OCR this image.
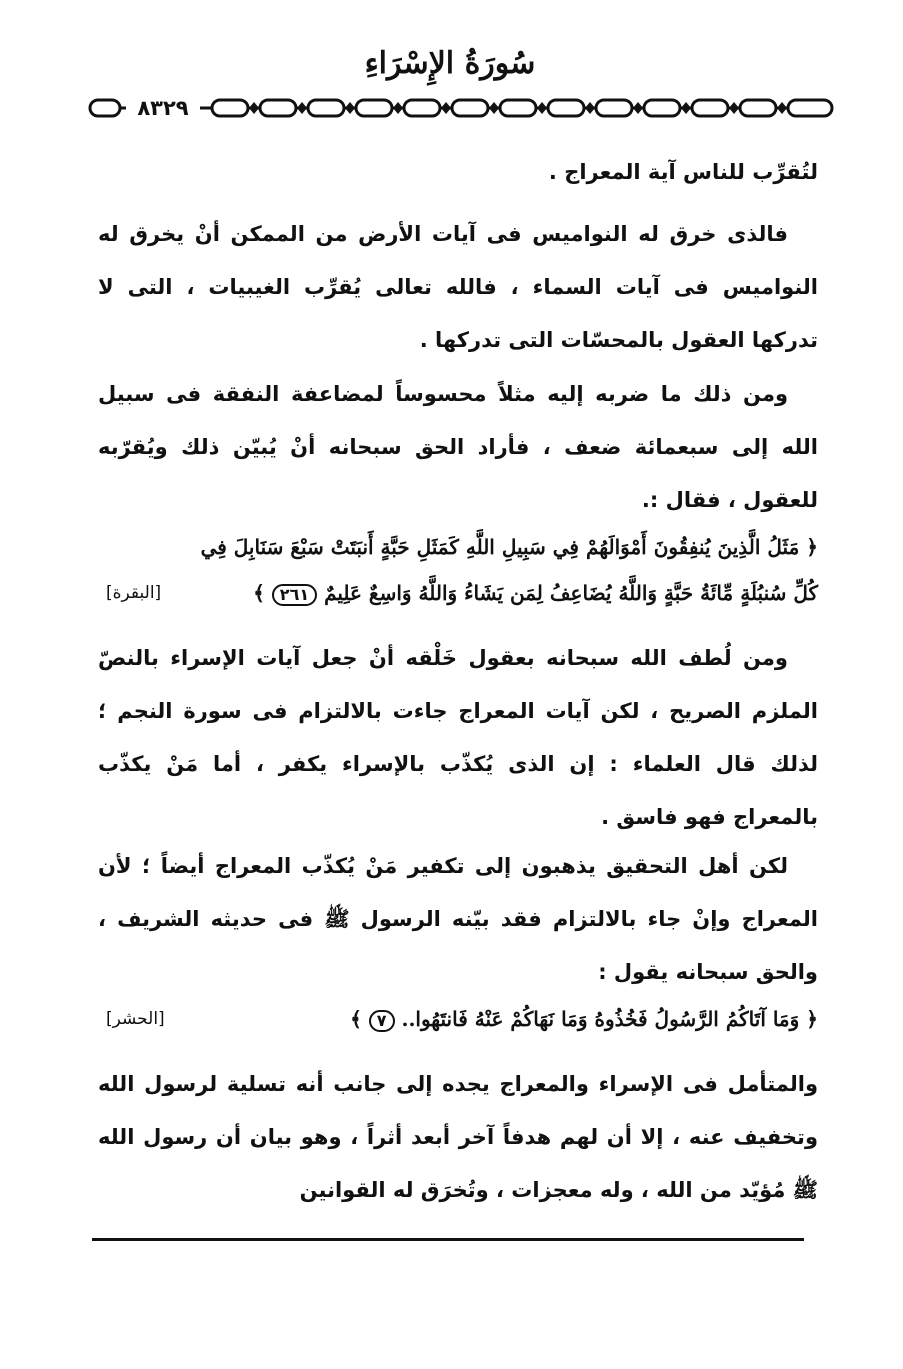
سُورَةُ الإِسْرَاءِ
٨٣٢٩

لتُقرِّب للناس آية المعراج .

فالذى خرق له النواميس فى آيات الأرض من الممكن أنْ يخرق له النواميس فى آيات السماء ، فالله تعالى يُقرِّب الغيبيات ، التى لا تدركها العقول بالمحسّات التى تدركها .

ومن ذلك ما ضربه إليه مثلاً محسوساً لمضاعفة النفقة فى سبيل الله إلى سبعمائة ضعف ، فأراد الحق سبحانه أنْ يُبيّن ذلك ويُقرّبه للعقول ، فقال :.

﴿ مَثَلُ الَّذِينَ يُنفِقُونَ أَمْوَالَهُمْ فِي سَبِيلِ اللَّهِ كَمَثَلِ حَبَّةٍ أَنبَتَتْ سَبْعَ سَنَابِلَ فِي
كُلِّ سُنبُلَةٍ مِّائَةُ حَبَّةٍ وَاللَّهُ يُضَاعِفُ لِمَن يَشَاءُ وَاللَّهُ وَاسِعٌ عَلِيمٌ ٢٦١ ﴾
[البقرة]

ومن لُطف الله سبحانه بعقول خَلْقه أنْ جعل آيات الإسراء بالنصّ الملزم الصريح ، لكن آيات المعراج جاءت بالالتزام فى سورة النجم ؛ لذلك قال العلماء : إن الذى يُكذّب بالإسراء يكفر ، أما مَنْ يكذّب بالمعراج فهو فاسق .

لكن أهل التحقيق يذهبون إلى تكفير مَنْ يُكذّب المعراج أيضاً ؛ لأن المعراج وإنْ جاء بالالتزام فقد بيّنه الرسول ﷺ فى حديثه الشريف ، والحق سبحانه يقول :

﴿ وَمَا آتَاكُمُ الرَّسُولُ فَخُذُوهُ وَمَا نَهَاكُمْ عَنْهُ فَانتَهُوا.. ٧ ﴾
[الحشر]

والمتأمل فى الإسراء والمعراج يجده إلى جانب أنه تسلية لرسول الله وتخفيف عنه ، إلا أن لهم هدفاً آخر أبعد أثراً ، وهو بيان أن رسول الله ﷺ مُؤيّد من الله ، وله معجزات ، وتُخرَق له القوانين
